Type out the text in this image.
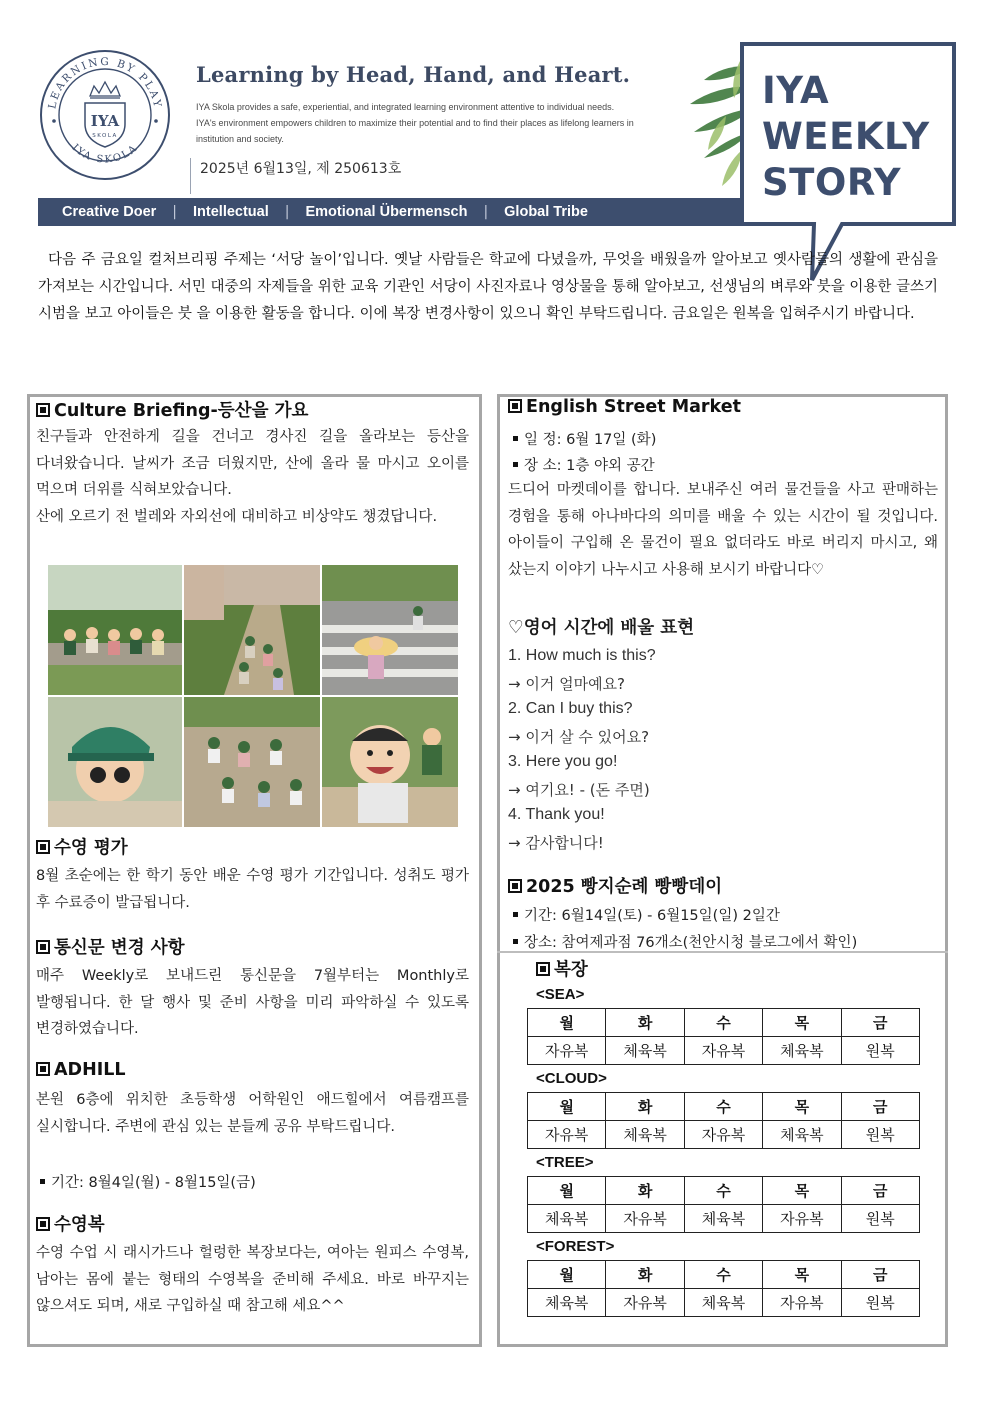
LEARNING BY PLAY
IYA SKOLA
IYA
SKOLA
Learning by Head, Hand, and Heart.
IYA Skola provides a safe, experiential, and integrated learning environment attentive to individual needs. IYA's environment empowers children to maximize their potential and to find their places as lifelong learners in institution and society.
2025년 6월13일, 제 250613호
Creative Doer | Intellectual | Emotional Übermensch | Global Tribe
IYA
WEEKLY
STORY
다음 주 금요일 컬처브리핑 주제는 ‘서당 놀이’입니다. 옛날 사람들은 학교에 다녔을까, 무엇을 배웠을까 알아보고 옛사람들의 생활에 관심을 가져보는 시간입니다. 서민 대중의 자제들을 위한 교육 기관인 서당이 사진자료나 영상물을 통해 알아보고, 선생님의 벼루와 붓을 이용한 글쓰기 시범을 보고 아이들은 붓 을 이용한 활동을 합니다. 이에 복장 변경사항이 있으니 확인 부탁드립니다. 금요일은 원복을 입혀주시기 바랍니다.
Culture Briefing-등산을 가요
친구들과 안전하게 길을 건너고 경사진 길을 올라보는 등산을 다녀왔습니다. 날씨가 조금 더웠지만, 산에 올라 물 마시고 오이를 먹으며 더위를 식혀보았습니다.
산에 오르기 전 벌레와 자외선에 대비하고 비상약도 챙겼답니다.
수영 평가
8월 초순에는 한 학기 동안 배운 수영 평가 기간입니다. 성취도 평가 후 수료증이 발급됩니다.
통신문 변경 사항
매주 Weekly로 보내드린 통신문을 7월부터는 Monthly로 발행됩니다. 한 달 행사 및 준비 사항을 미리 파악하실 수 있도록 변경하였습니다.
ADHILL
본원 6층에 위치한 초등학생 어학원인 애드힐에서 여름캠프를 실시합니다. 주변에 관심 있는 분들께 공유 부탁드립니다.
기간: 8월4일(월) - 8월15일(금)
수영복
수영 수업 시 래시가드나 헐렁한 복장보다는, 여아는 원피스 수영복, 남아는 몸에 붙는 형태의 수영복을 준비해 주세요. 바로 바꾸지는 않으셔도 되며, 새로 구입하실 때 참고해 세요^^
English Street Market
일 정: 6월 17일 (화)
장 소: 1층 야외 공간
드디어 마켓데이를 합니다. 보내주신 여러 물건들을 사고 판매하는 경험을 통해 아나바다의 의미를 배울 수 있는 시간이 될 것입니다. 아이들이 구입해 온 물건이 필요 없더라도 바로 버리지 마시고, 왜 샀는지 이야기 나누시고 사용해 보시기 바랍니다♡
♡영어 시간에 배울 표현
1. How much is this?
→ 이거 얼마예요?
2. Can I buy this?
→ 이거 살 수 있어요?
3. Here you go!
→ 여기요! - (돈 주면)
4. Thank you!
→ 감사합니다!
2025 빵지순례 빵빵데이
기간: 6월14일(토) - 6월15일(일) 2일간
장소: 참여제과점 76개소(천안시청 블로그에서 확인)
복장
<SEA>
월	화	수	목	금
자유복	체육복	자유복	체육복	원복
<CLOUD>
월	화	수	목	금
자유복	체육복	자유복	체육복	원복
<TREE>
월	화	수	목	금
체육복	자유복	체육복	자유복	원복
<FOREST>
월	화	수	목	금
체육복	자유복	체육복	자유복	원복
